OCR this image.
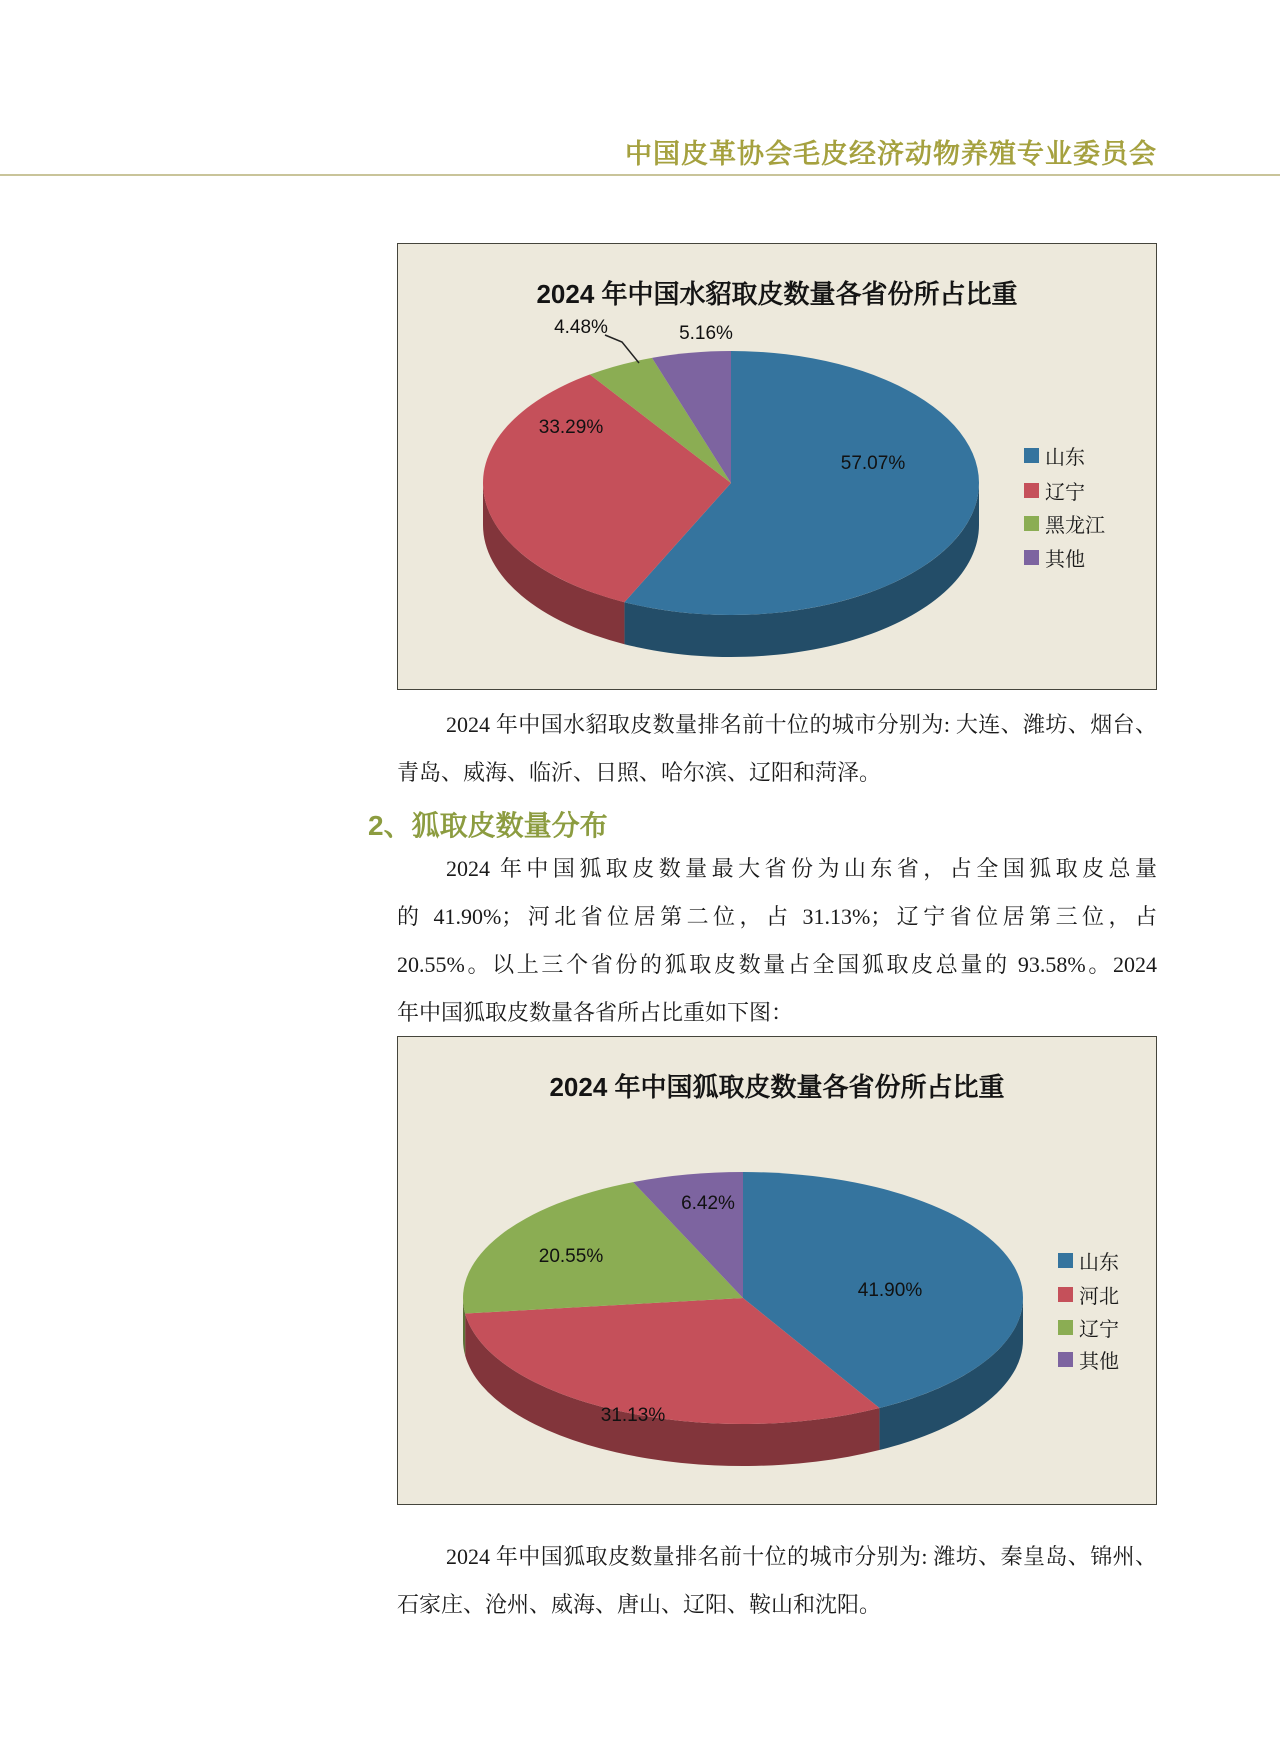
中国皮革协会毛皮经济动物养殖专业委员会
2024 年中国水貂取皮数量各省份所占比重
57.07%
33.29%
4.48%	5.16%
山东
辽宁
黑龙江
其他
2024 年中国水貂取皮数量排名前十位的城市分别为: 大连、潍坊、烟台、
青岛、威海、临沂、日照、哈尔滨、辽阳和菏泽。
2、狐取皮数量分布
2024 年中国狐取皮数量最大省份为山东省，占全国狐取皮总量
的 41.90%；河北省位居第二位，占 31.13%；辽宁省位居第三位，占
20.55%。以上三个省份的狐取皮数量占全国狐取皮总量的 93.58%。2024
年中国狐取皮数量各省所占比重如下图：
2024 年中国狐取皮数量各省份所占比重
41.90%
31.13%
20.55%
6.42%
山东
河北
辽宁
其他
2024 年中国狐取皮数量排名前十位的城市分别为: 潍坊、秦皇岛、锦州、
石家庄、沧州、威海、唐山、辽阳、鞍山和沈阳。
